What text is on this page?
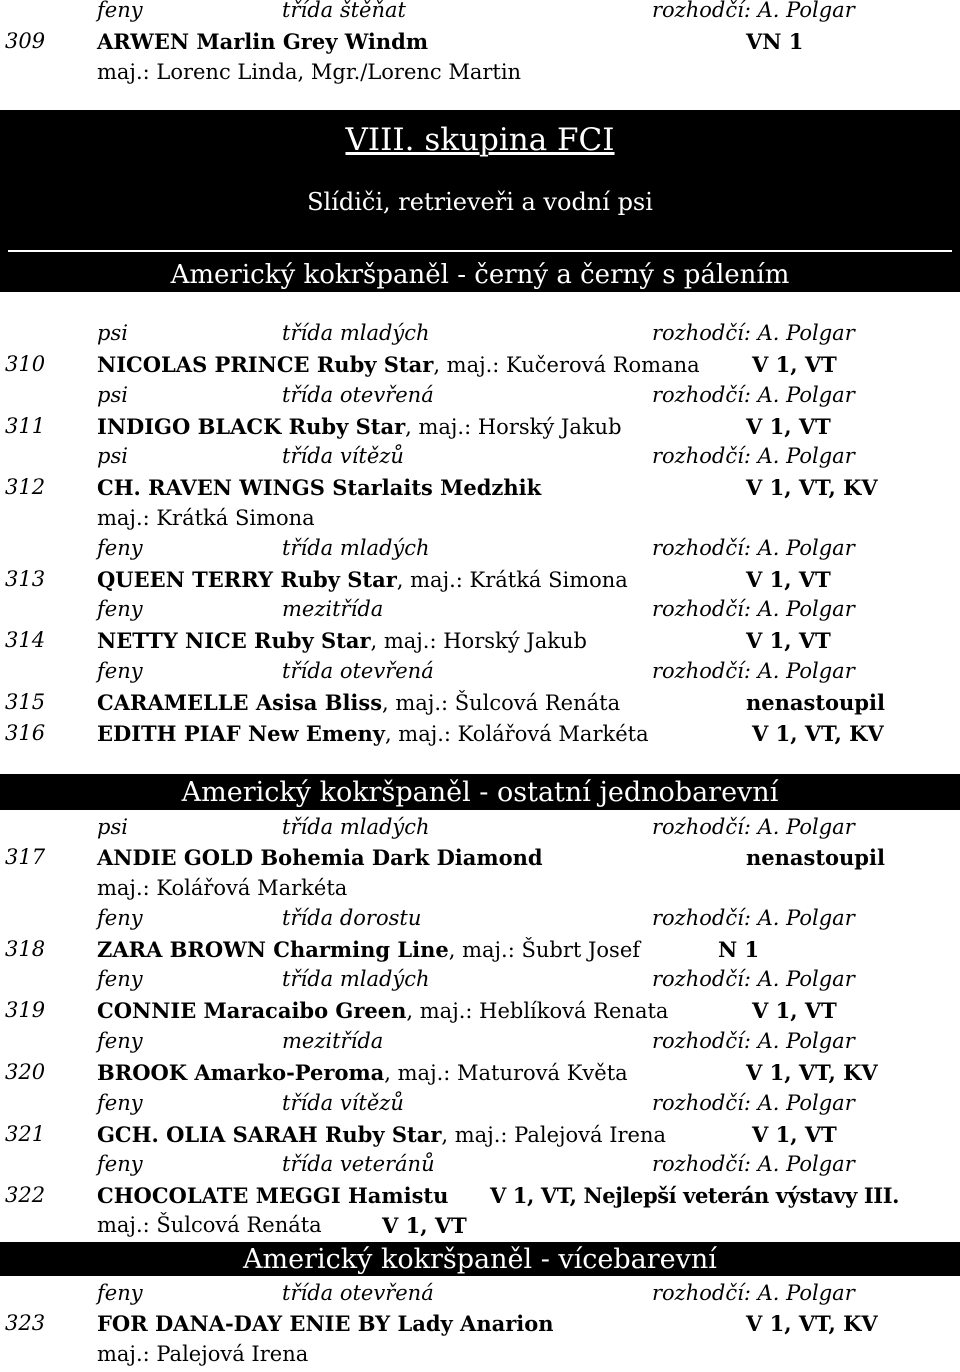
feny	třída štěňat	rozhodčí: A. Polgar
309 ARWEN Marlin Grey Windm	VN 1
maj.: Lorenc Linda, Mgr./Lorenc Martin
VIII. skupina FCI
Slídiči, retrieveři a vodní psi
Americký kokršpaněl - černý a černý s pálením
psi	třída mladých	rozhodčí: A. Polgar
310 NICOLAS PRINCE Ruby Star, maj.: Kučerová Romana V 1, VT
psi	třída otevřená	rozhodčí: A. Polgar
311 INDIGO BLACK Ruby Star, maj.: Horský Jakub	V 1, VT
psi	třída vítězů	rozhodčí: A. Polgar
312 CH. RAVEN WINGS Starlaits Medzhik	V 1, VT, KV
maj.: Krátká Simona
feny	třída mladých	rozhodčí: A. Polgar
313 QUEEN TERRY Ruby Star, maj.: Krátká Simona	V 1, VT
feny	mezitřída	rozhodčí: A. Polgar
314 NETTY NICE Ruby Star, maj.: Horský Jakub	V 1, VT
feny	třída otevřená	rozhodčí: A. Polgar
315 CARAMELLE Asisa Bliss, maj.: Šulcová Renáta	nenastoupil
316 EDITH PIAF New Emeny, maj.: Kolářová Markéta	V 1, VT, KV
Americký kokršpaněl - ostatní jednobarevní
psi	třída mladých	rozhodčí: A. Polgar
317 ANDIE GOLD Bohemia Dark Diamond	nenastoupil
maj.: Kolářová Markéta
feny	třída dorostu	rozhodčí: A. Polgar
318 ZARA BROWN Charming Line, maj.: Šubrt Josef	N 1
feny	třída mladých	rozhodčí: A. Polgar
319 CONNIE Maracaibo Green, maj.: Heblíková Renata	V 1, VT
feny	mezitřída	rozhodčí: A. Polgar
320 BROOK Amarko-Peroma, maj.: Maturová Květa	V 1, VT, KV
feny	třída vítězů	rozhodčí: A. Polgar
321 GCH. OLIA SARAH Ruby Star, maj.: Palejová Irena	V 1, VT
feny	třída veteránů	rozhodčí: A. Polgar
322 CHOCOLATE MEGGI Hamistu V 1, VT, Nejlepší veterán výstavy III.
maj.: Šulcová Renáta	V 1, VT
Americký kokršpaněl - vícebarevní
feny	třída otevřená	rozhodčí: A. Polgar
323 FOR DANA-DAY ENIE BY Lady Anarion	V 1, VT, KV
maj.: Palejová Irena
